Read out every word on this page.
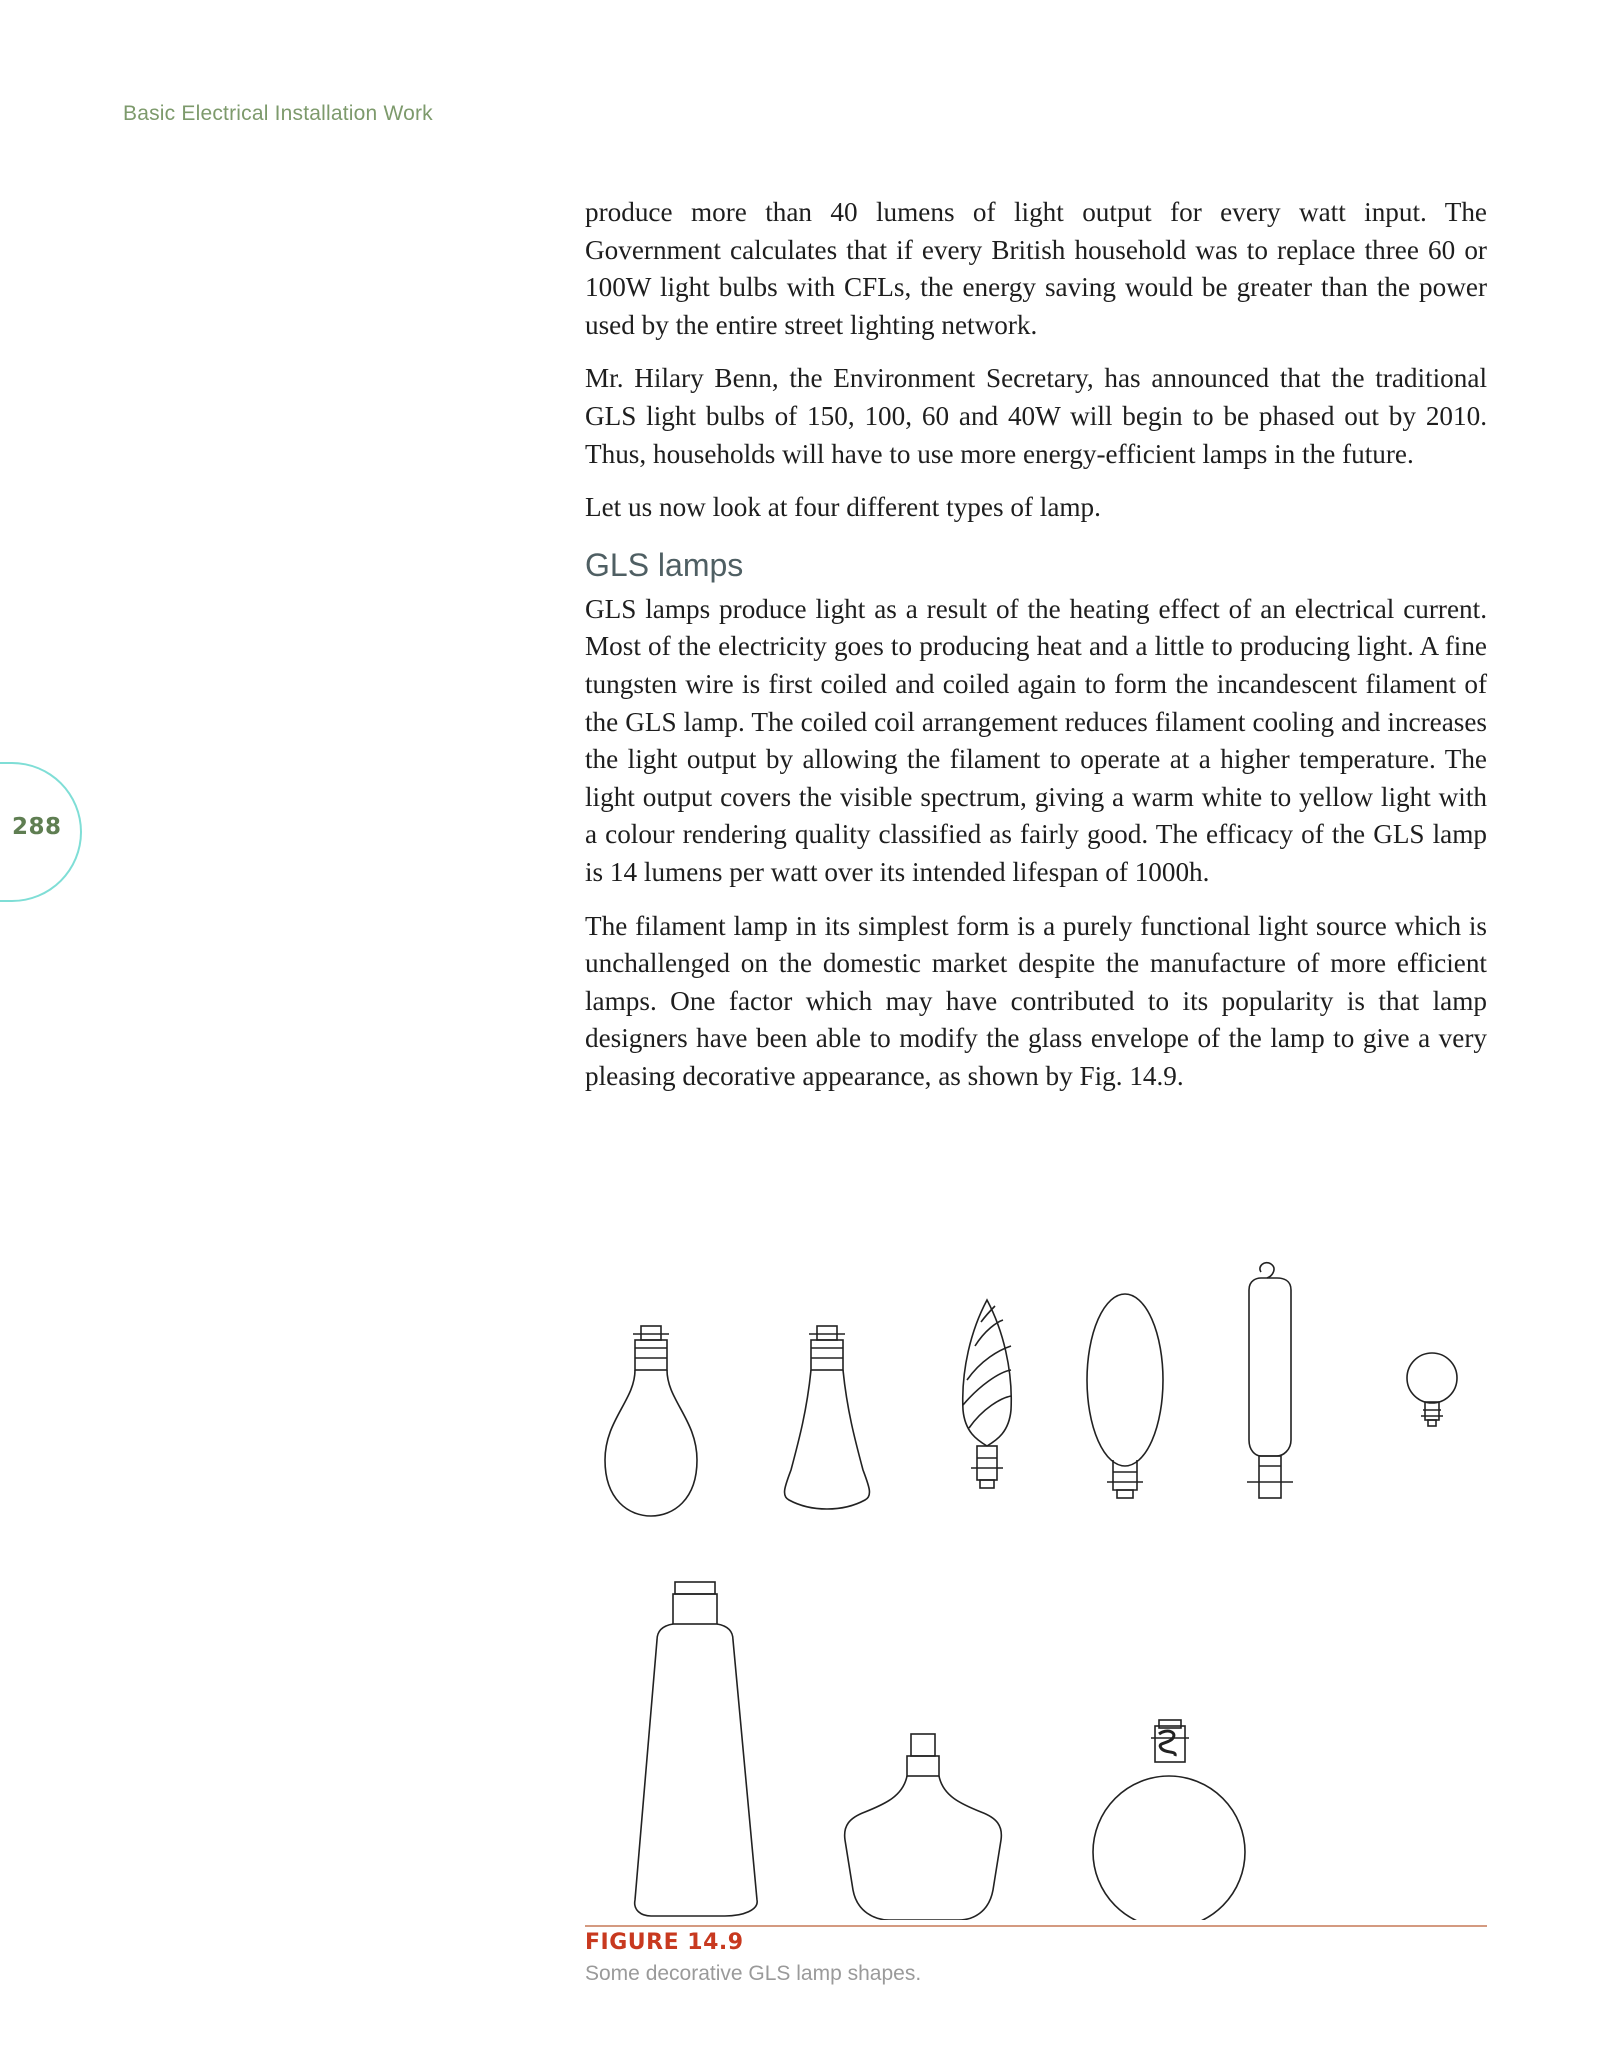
Basic Electrical Installation Work
288

produce more than 40 lumens of light output for every watt input. The Government calculates that if every British household was to replace three 60 or 100W light bulbs with CFLs, the energy saving would be greater than the power used by the entire street lighting network.

Mr. Hilary Benn, the Environment Secretary, has announced that the traditional GLS light bulbs of 150, 100, 60 and 40W will begin to be phased out by 2010. Thus, households will have to use more energy-efficient lamps in the future.

Let us now look at four different types of lamp.

GLS lamps

GLS lamps produce light as a result of the heating effect of an electrical current. Most of the electricity goes to producing heat and a little to producing light. A fine tungsten wire is first coiled and coiled again to form the incandescent filament of the GLS lamp. The coiled coil arrangement reduces filament cooling and increases the light output by allowing the filament to operate at a higher temperature. The light output covers the visible spectrum, giving a warm white to yellow light with a colour rendering quality classified as fairly good. The efficacy of the GLS lamp is 14 lumens per watt over its intended lifespan of 1000h.

The filament lamp in its simplest form is a purely functional light source which is unchallenged on the domestic market despite the manufacture of more efficient lamps. One factor which may have contributed to its popularity is that lamp designers have been able to modify the glass envelope of the lamp to give a very pleasing decorative appearance, as shown by Fig. 14.9.

FIGURE 14.9
Some decorative GLS lamp shapes.
